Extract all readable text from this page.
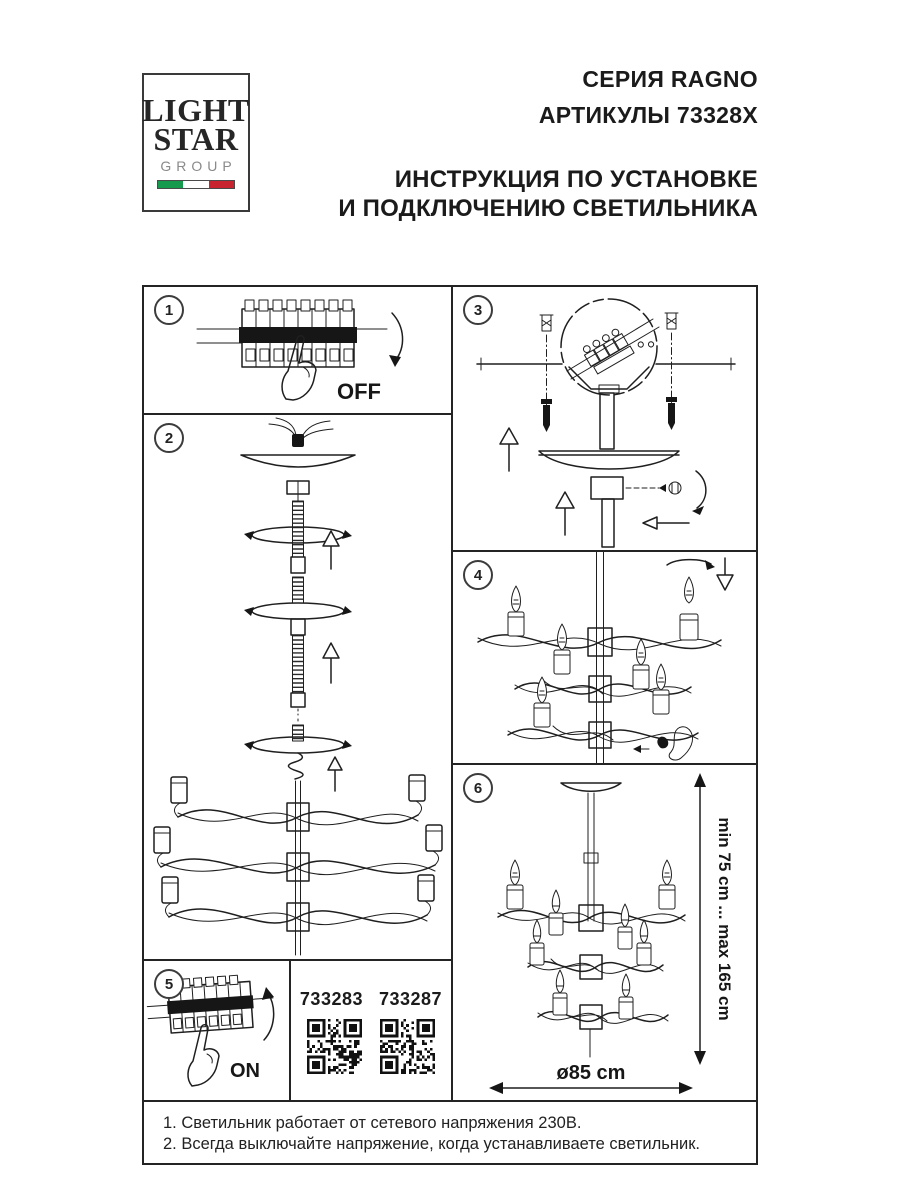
LIGHT
STAR
GROUP
СЕРИЯ RAGNO
АРТИКУЛЫ 73328X
ИНСТРУКЦИЯ ПО УСТАНОВКЕ
И ПОДКЛЮЧЕНИЮ СВЕТИЛЬНИКА
1
OFF
2
5
ON
733283 733287
3
4
6
min 75 cm ... max 165 cm
ø85 cm
1. Светильник работает от сетевого напряжения 230В.
2. Всегда выключайте напряжение, когда устанавливаете светильник.
